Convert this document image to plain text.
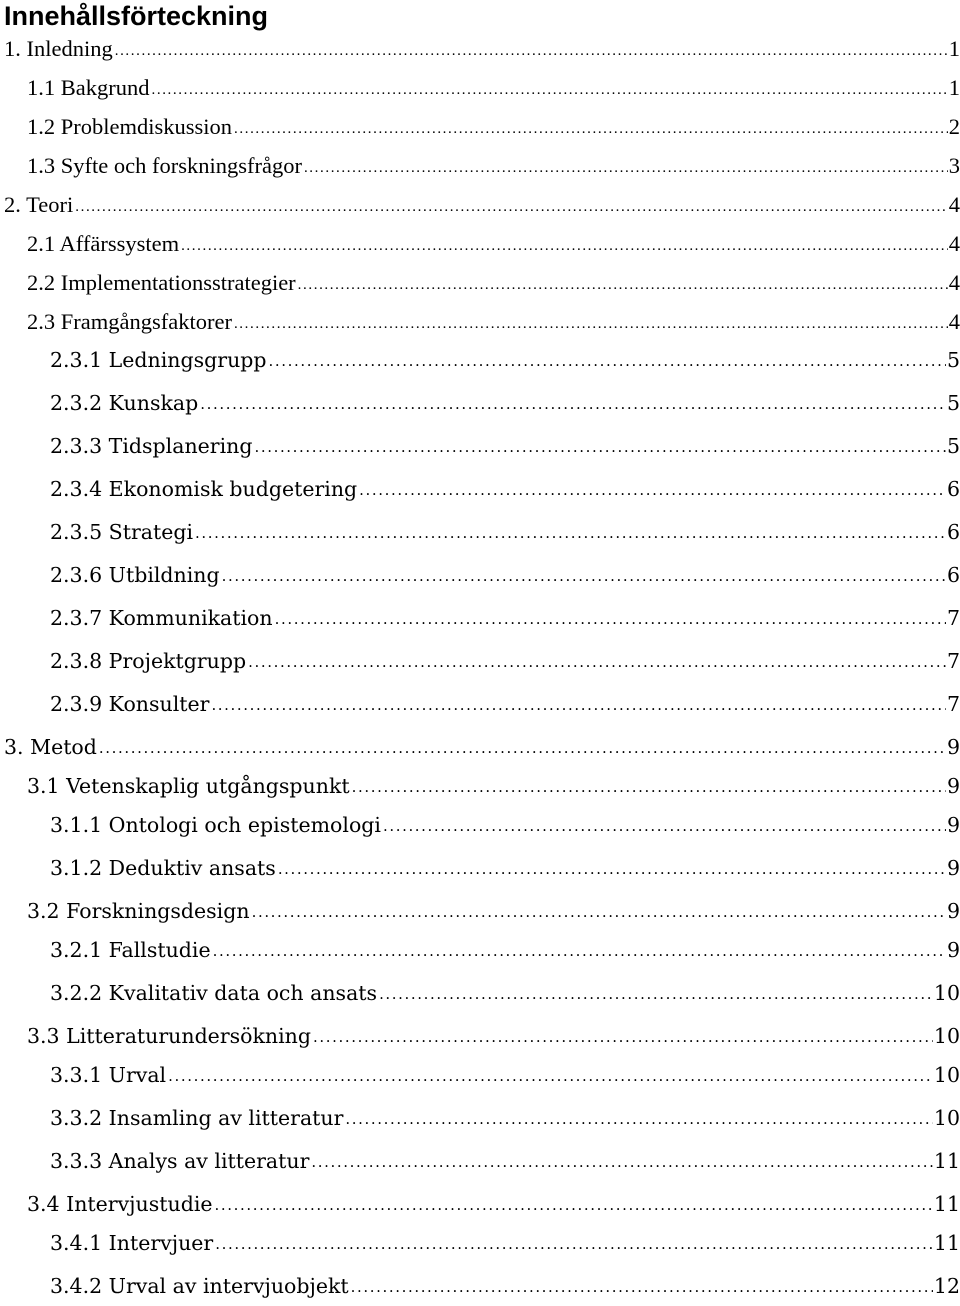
Innehållsförteckning
1. Inledning .....	1
1.1 Bakgrund .....	1
1.2 Problemdiskussion .....	2
1.3 Syfte och forskningsfrågor .....	3
2. Teori .....	4
2.1 Affärssystem .....	4
2.2 Implementationsstrategier .....	4
2.3 Framgångsfaktorer .....	4
2.3.1 Ledningsgrupp .....	5
2.3.2 Kunskap .....	5
2.3.3 Tidsplanering .....	5
2.3.4 Ekonomisk budgetering .....	6
2.3.5 Strategi .....	6
2.3.6 Utbildning .....	6
2.3.7 Kommunikation .....	7
2.3.8 Projektgrupp .....	7
2.3.9 Konsulter .....	7
3. Metod .....	9
3.1 Vetenskaplig utgångspunkt .....	9
3.1.1 Ontologi och epistemologi .....	9
3.1.2 Deduktiv ansats .....	9
3.2 Forskningsdesign .....	9
3.2.1 Fallstudie .....	9
3.2.2 Kvalitativ data och ansats .....	10
3.3 Litteraturundersökning .....	10
3.3.1 Urval .....	10
3.3.2 Insamling av litteratur .....	10
3.3.3 Analys av litteratur .....	11
3.4 Intervjustudie .....	11
3.4.1 Intervjuer .....	11
3.4.2 Urval av intervjuobjekt .....	12
